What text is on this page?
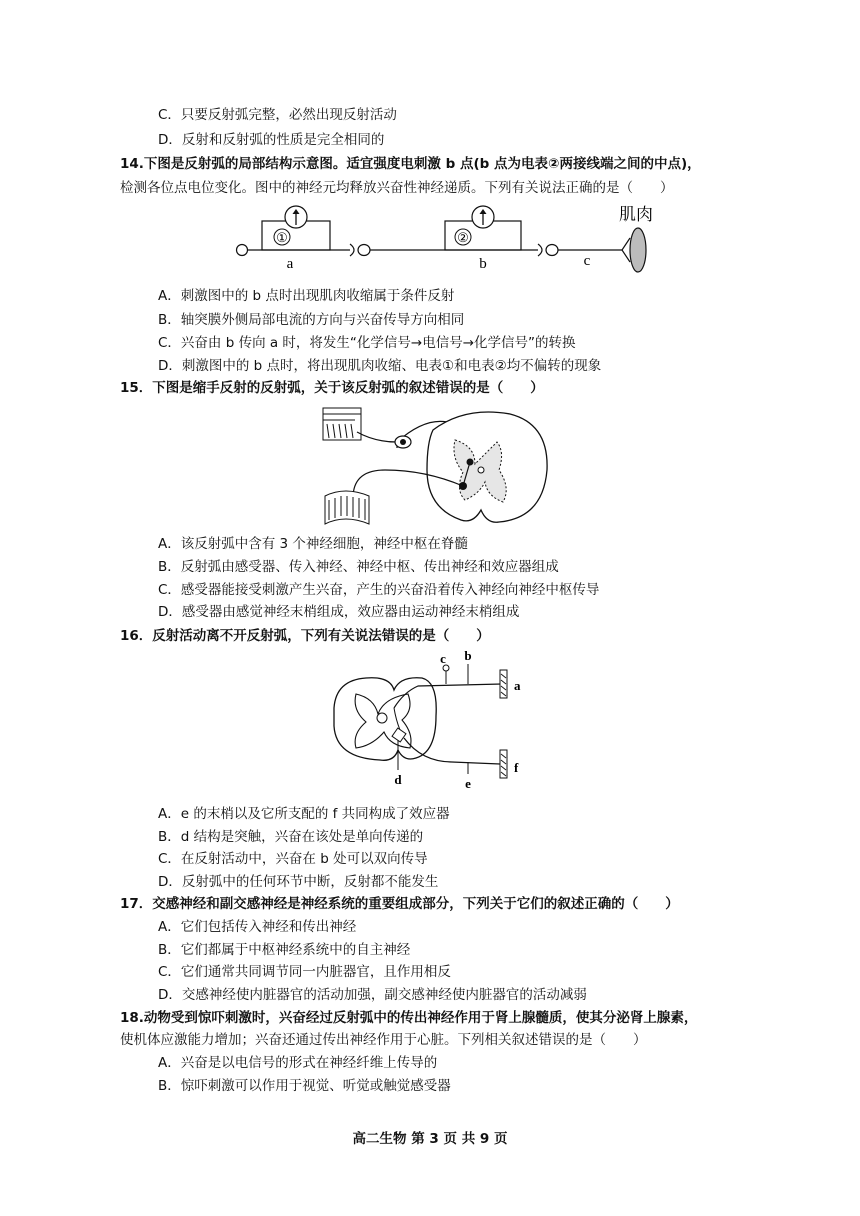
C．只要反射弧完整，必然出现反射活动
D．反射和反射弧的性质是完全相同的
14.下图是反射弧的局部结构示意图。适宜强度电刺激 b 点(b 点为电表②两接线端之间的中点)，
检测各位点电位变化。图中的神经元均释放兴奋性神经递质。下列有关说法正确的是（　　）
肌肉
①
a
②
b	c
A．刺激图中的 b 点时出现肌肉收缩属于条件反射
B．轴突膜外侧局部电流的方向与兴奋传导方向相同
C．兴奋由 b 传向 a 时，将发生“化学信号→电信号→化学信号”的转换
D．刺激图中的 b 点时，将出现肌肉收缩、电表①和电表②均不偏转的现象
15．下图是缩手反射的反射弧，关于该反射弧的叙述错误的是（　　）
A．该反射弧中含有 3 个神经细胞，神经中枢在脊髓
B．反射弧由感受器、传入神经、神经中枢、传出神经和效应器组成
C．感受器能接受刺激产生兴奋，产生的兴奋沿着传入神经向神经中枢传导
D．感受器由感觉神经末梢组成，效应器由运动神经末梢组成
16．反射活动离不开反射弧，下列有关说法错误的是（　　）
a
c b
d	e
f
A．e 的末梢以及它所支配的 f 共同构成了效应器
B．d 结构是突触，兴奋在该处是单向传递的
C．在反射活动中，兴奋在 b 处可以双向传导
D．反射弧中的任何环节中断，反射都不能发生
17．交感神经和副交感神经是神经系统的重要组成部分，下列关于它们的叙述正确的（　　）
A．它们包括传入神经和传出神经
B．它们都属于中枢神经系统中的自主神经
C．它们通常共同调节同一内脏器官，且作用相反
D．交感神经使内脏器官的活动加强，副交感神经使内脏器官的活动减弱
18.动物受到惊吓刺激时，兴奋经过反射弧中的传出神经作用于肾上腺髓质，使其分泌肾上腺素，
使机体应激能力增加；兴奋还通过传出神经作用于心脏。下列相关叙述错误的是（　　）
A．兴奋是以电信号的形式在神经纤维上传导的
B．惊吓刺激可以作用于视觉、听觉或触觉感受器
高二生物 第 3 页 共 9 页
